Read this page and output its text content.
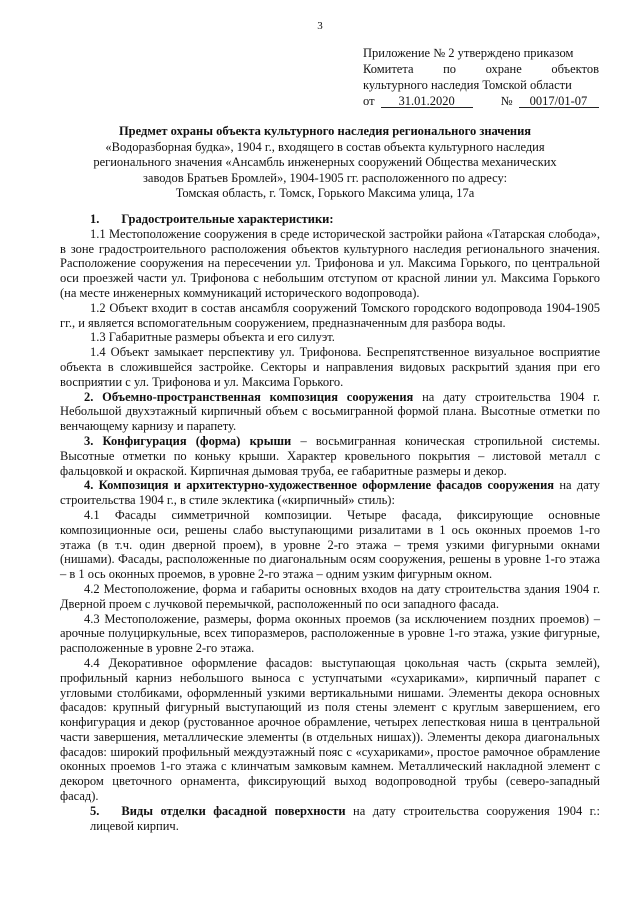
3
Приложение № 2 утверждено приказом
Комитета по охране объектов
культурного наследия Томской области
от	31.01.2020	№	0017/01-07
Предмет охраны объекта культурного наследия регионального значения
«Водоразборная будка», 1904 г., входящего в состав объекта культурного наследия
регионального значения «Ансамбль инженерных сооружений Общества механических
заводов Братьев Бромлей», 1904-1905 гг. расположенного по адресу:
Томская область, г. Томск, Горького Максима улица, 17а

1. Градостроительные характеристики:

1.1 Местоположение сооружения в среде исторической застройки района «Татарская слобода», в зоне градостроительного расположения объектов культурного наследия регионального значения. Расположение сооружения на пересечении ул. Трифонова и ул. Максима Горького, по центральной оси проезжей части ул. Трифонова с небольшим отступом от красной линии ул. Максима Горького (на месте инженерных коммуникаций исторического водопровода).

1.2 Объект входит в состав ансамбля сооружений Томского городского водопровода 1904-1905 гг., и является вспомогательным сооружением, предназначенным для разбора воды.

1.3 Габаритные размеры объекта и его силуэт.

1.4 Объект замыкает перспективу ул. Трифонова. Беспрепятственное визуальное восприятие объекта в сложившейся застройке. Секторы и направления видовых раскрытий здания при его восприятии с ул. Трифонова и ул. Максима Горького.

2. Объемно-пространственная композиция сооружения на дату строительства 1904 г. Небольшой двухэтажный кирпичный объем с восьмигранной формой плана. Высотные отметки по венчающему карнизу и парапету.

3. Конфигурация (форма) крыши – восьмигранная коническая стропильной системы. Высотные отметки по коньку крыши. Характер кровельного покрытия – листовой металл с фальцовкой и окраской. Кирпичная дымовая труба, ее габаритные размеры и декор.

4. Композиция и архитектурно-художественное оформление фасадов сооружения на дату строительства 1904 г., в стиле эклектика («кирпичный» стиль):

4.1 Фасады симметричной композиции. Четыре фасада, фиксирующие основные композиционные оси, решены слабо выступающими ризалитами в 1 ось оконных проемов 1-го этажа (в т.ч. один дверной проем), в уровне 2-го этажа – тремя узкими фигурными окнами (нишами). Фасады, расположенные по диагональным осям сооружения, решены в уровне 1-го этажа – в 1 ось оконных проемов, в уровне 2-го этажа – одним узким фигурным окном.

4.2 Местоположение, форма и габариты основных входов на дату строительства здания 1904 г. Дверной проем с лучковой перемычкой, расположенный по оси западного фасада.

4.3 Местоположение, размеры, форма оконных проемов (за исключением поздних проемов) – арочные полуциркульные, всех типоразмеров, расположенные в уровне 1-го этажа, узкие фигурные, расположенные в уровне 2-го этажа.

4.4 Декоративное оформление фасадов: выступающая цокольная часть (скрыта землей), профильный карниз небольшого выноса с уступчатыми «сухариками», кирпичный парапет с угловыми столбиками, оформленный узкими вертикальными нишами. Элементы декора основных фасадов: крупный фигурный выступающий из поля стены элемент с круглым завершением, его конфигурация и декор (рустованное арочное обрамление, четырех лепестковая ниша в центральной части завершения, металлические элементы (в отдельных нишах)). Элементы декора диагональных фасадов: широкий профильный междуэтажный пояс с «сухариками», простое рамочное обрамление оконных проемов 1-го этажа с клинчатым замковым камнем. Металлический накладной элемент с декором цветочного орнамента, фиксирующий выход водопроводной трубы (северо-западный фасад).

5. Виды отделки фасадной поверхности на дату строительства сооружения 1904 г.: лицевой кирпич.
